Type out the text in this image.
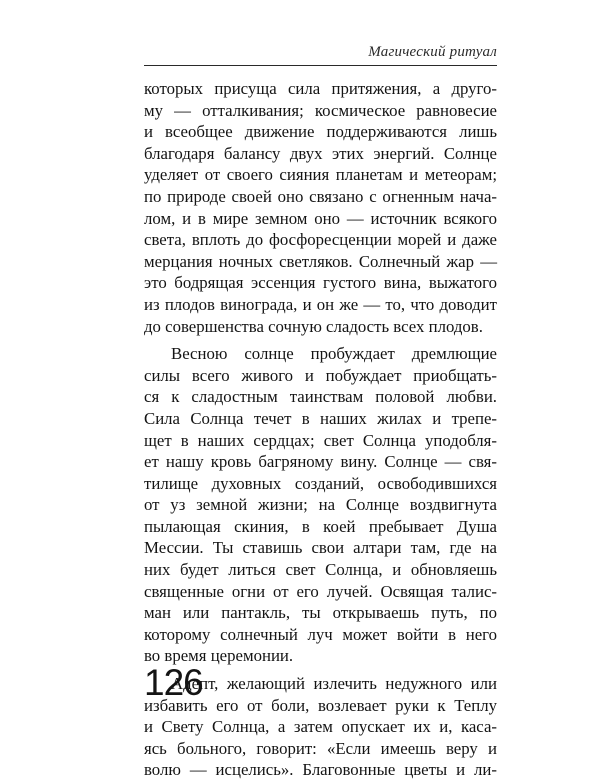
Магический ритуал

которых присуща сила притяжения, а друго-
му — отталкивания; космическое равновесие
и всеобщее движение поддерживаются лишь
благодаря балансу двух этих энергий. Солнце
уделяет от своего сияния планетам и метеорам;
по природе своей оно связано с огненным нача-
лом, и в мире земном оно — источник всякого
света, вплоть до фосфоресценции морей и даже
мерцания ночных светляков. Солнечный жар —
это бодрящая эссенция густого вина, выжатого
из плодов винограда, и он же — то, что доводит
до совершенства сочную сладость всех плодов.

Весною солнце пробуждает дремлющие
силы всего живого и побуждает приобщать-
ся к сладостным таинствам половой любви.
Сила Солнца течет в наших жилах и трепе-
щет в наших сердцах; свет Солнца уподобля-
ет нашу кровь багряному вину. Солнце — свя-
тилище духовных созданий, освободившихся
от уз земной жизни; на Солнце воздвигнута
пылающая скиния, в коей пребывает Душа
Мессии. Ты ставишь свои алтари там, где на
них будет литься свет Солнца, и обновляешь
священные огни от его лучей. Освящая талис-
ман или пантакль, ты открываешь путь, по
которому солнечный луч может войти в него
во время церемонии.

Адепт, желающий излечить недужного или
избавить его от боли, возлевает руки к Теплу
и Свету Солнца, а затем опускает их и, каса-
ясь больного, говорит: «Если имеешь веру и
волю — исцелись». Благовонные цветы и ли-

126
